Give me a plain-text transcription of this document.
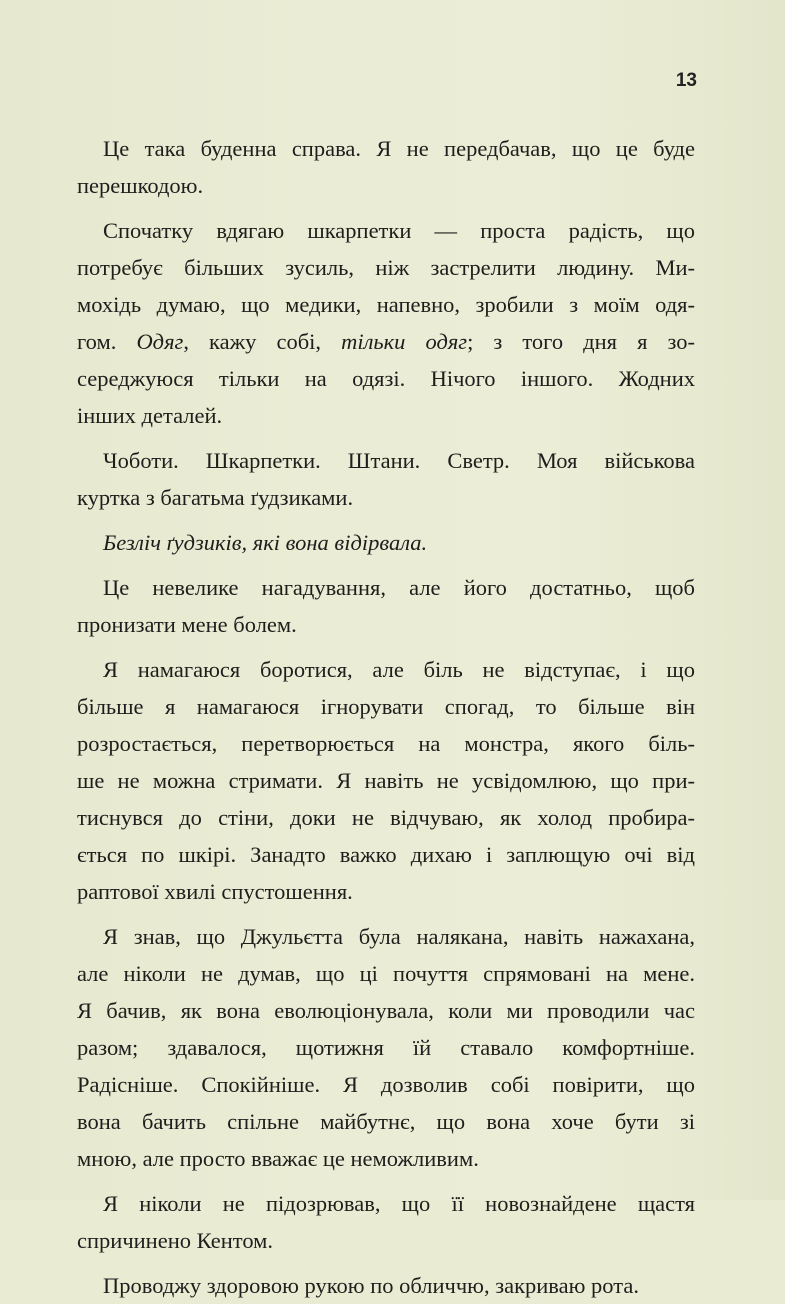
13
Це така буденна справа. Я не передбачав, що це буде
перешкодою.
Спочатку вдягаю шкарпетки — проста радість, що
потребує більших зусиль, ніж застрелити людину. Ми-
мохідь думаю, що медики, напевно, зробили з моїм одя-
гом. Одяг, кажу собі, тільки одяг; з того дня я зо-
середжуюся тільки на одязі. Нічого іншого. Жодних
інших деталей.
Чоботи. Шкарпетки. Штани. Светр. Моя військова
куртка з багатьма ґудзиками.
Безліч ґудзиків, які вона відірвала.
Це невелике нагадування, але його достатньо, щоб
пронизати мене болем.
Я намагаюся боротися, але біль не відступає, і що
більше я намагаюся ігнорувати спогад, то більше він
розростається, перетворюється на монстра, якого біль-
ше не можна стримати. Я навіть не усвідомлюю, що при-
тиснувся до стіни, доки не відчуваю, як холод пробира-
ється по шкірі. Занадто важко дихаю і заплющую очі від
раптової хвилі спустошення.
Я знав, що Джульєтта була налякана, навіть нажахана,
але ніколи не думав, що ці почуття спрямовані на мене.
Я бачив, як вона еволюціонувала, коли ми проводили час
разом; здавалося, щотижня їй ставало комфортніше.
Радісніше. Спокійніше. Я дозволив собі повірити, що
вона бачить спільне майбутнє, що вона хоче бути зі
мною, але просто вважає це неможливим.
Я ніколи не підозрював, що її новознайдене щастя
спричинено Кентом.
Проводжу здоровою рукою по обличчю, закриваю рота.
